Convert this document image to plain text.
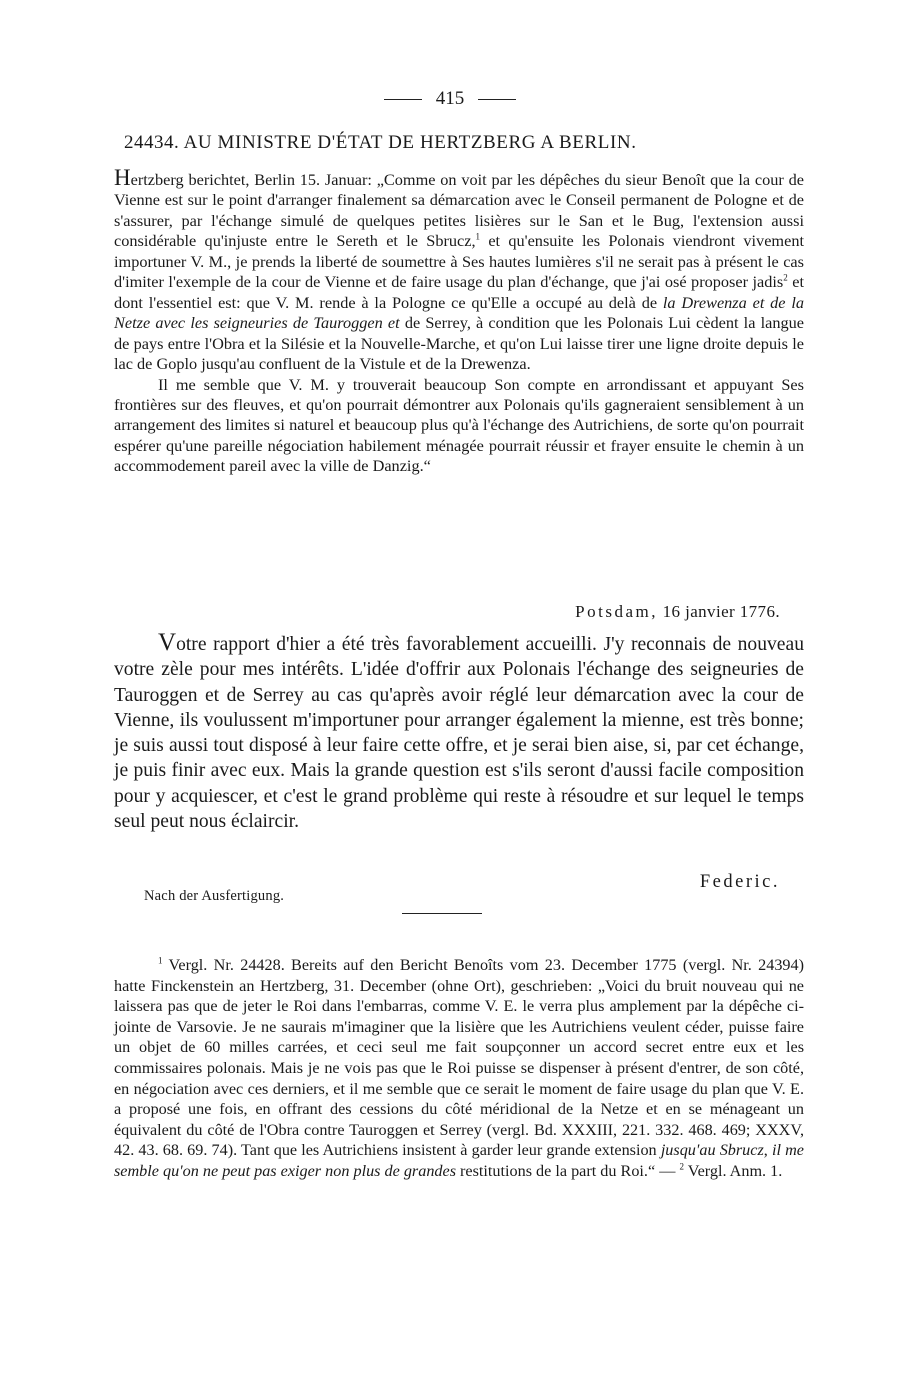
415
24434. AU MINISTRE D'ÉTAT DE HERTZBERG A BERLIN.

Hertzberg berichtet, Berlin 15. Januar: „Comme on voit par les dépêches du sieur Benoît que la cour de Vienne est sur le point d'arranger finalement sa démarcation avec le Conseil permanent de Pologne et de s'assurer, par l'échange simulé de quelques petites lisières sur le San et le Bug, l'extension aussi considérable qu'injuste entre le Sereth et le Sbrucz,$^1$ et qu'ensuite les Polonais viendront vivement importuner V. M., je prends la liberté de soumettre à Ses hautes lumières s'il ne serait pas à présent le cas d'imiter l'exemple de la cour de Vienne et de faire usage du plan d'échange, que j'ai osé proposer jadis$^2$ et dont l'essentiel est: que V. M. rende à la Pologne ce qu'Elle a occupé au delà de la Drewenza et de la Netze avec les seigneuries de Tauroggen et de Serrey, à condition que les Polonais Lui cèdent la langue de pays entre l'Obra et la Silésie et la Nouvelle-Marche, et qu'on Lui laisse tirer une ligne droite depuis le lac de Goplo jusqu'au confluent de la Vistule et de la Drewenza.

Il me semble que V. M. y trouverait beaucoup Son compte en arrondissant et appuyant Ses frontières sur des fleuves, et qu'on pourrait démontrer aux Polonais qu'ils gagneraient sensiblement à un arrangement des limites si naturel et beaucoup plus qu'à l'échange des Autrichiens, de sorte qu'on pourrait espérer qu'une pareille négociation habilement ménagée pourrait réussir et frayer ensuite le chemin à un accommodement pareil avec la ville de Danzig.“

Potsdam, 16 janvier 1776.

Votre rapport d'hier a été très favorablement accueilli. J'y reconnais de nouveau votre zèle pour mes intérêts. L'idée d'offrir aux Polonais l'échange des seigneuries de Tauroggen et de Serrey au cas qu'après avoir réglé leur démarcation avec la cour de Vienne, ils voulussent m'importuner pour arranger également la mienne, est très bonne; je suis aussi tout disposé à leur faire cette offre, et je serai bien aise, si, par cet échange, je puis finir avec eux. Mais la grande question est s'ils seront d'aussi facile composition pour y acquiescer, et c'est le grand problème qui reste à résoudre et sur lequel le temps seul peut nous éclaircir.

Federic.
Nach der Ausfertigung.

$^1$ Vergl. Nr. 24428. Bereits auf den Bericht Benoîts vom 23. December 1775 (vergl. Nr. 24394) hatte Finckenstein an Hertzberg, 31. December (ohne Ort), geschrieben: „Voici du bruit nouveau qui ne laissera pas que de jeter le Roi dans l'embarras, comme V. E. le verra plus amplement par la dépêche ci-jointe de Varsovie. Je ne saurais m'imaginer que la lisière que les Autrichiens veulent céder, puisse faire un objet de 60 milles carrées, et ceci seul me fait soupçonner un accord secret entre eux et les commissaires polonais. Mais je ne vois pas que le Roi puisse se dispenser à présent d'entrer, de son côté, en négociation avec ces derniers, et il me semble que ce serait le moment de faire usage du plan que V. E. a proposé une fois, en offrant des cessions du côté méridional de la Netze et en se ménageant un équivalent du côté de l'Obra contre Tauroggen et Serrey (vergl. Bd. XXXIII, 221. 332. 468. 469; XXXV, 42. 43. 68. 69. 74). Tant que les Autrichiens insistent à garder leur grande extension jusqu'au Sbrucz, il me semble qu'on ne peut pas exiger non plus de grandes restitutions de la part du Roi.“ — $^2$ Vergl. Anm. 1.
